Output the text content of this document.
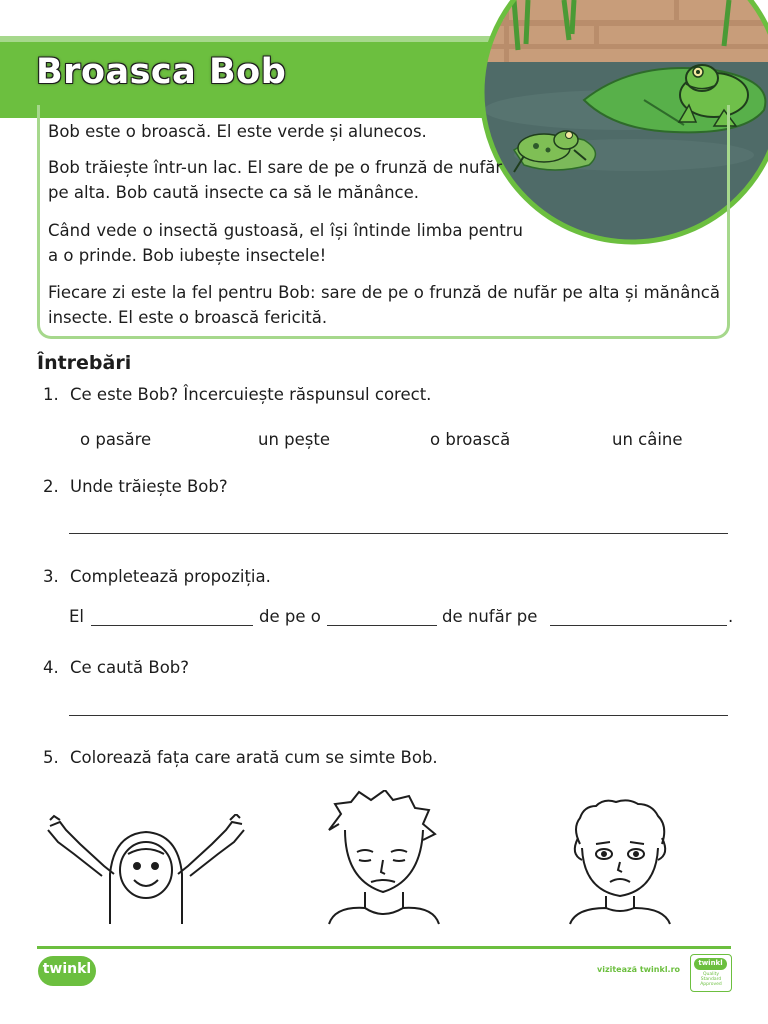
Broasca Bob

Bob este o broască. El este verde și alunecos.

Bob trăiește într-un lac. El sare de pe o frunză de nufăr pe alta. Bob caută insecte ca să le mănânce.

Când vede o insectă gustoasă, el își întinde limba pentru a o prinde. Bob iubește insectele!

Fiecare zi este la fel pentru Bob: sare de pe o frunză de nufăr pe alta și mănâncă insecte. El este o broască fericită.

Întrebări
1. Ce este Bob? Încercuiește răspunsul corect.
o pasăre	un pește	o broască	un câine
2. Unde trăiește Bob?
3. Completează propoziția.
El	de pe o	de nufăr pe	.
4. Ce caută Bob?
5. Colorează fața care arată cum se simte Bob.
twinkl	vizitează twinkl.ro
twinkl
Quality Standard Approved
